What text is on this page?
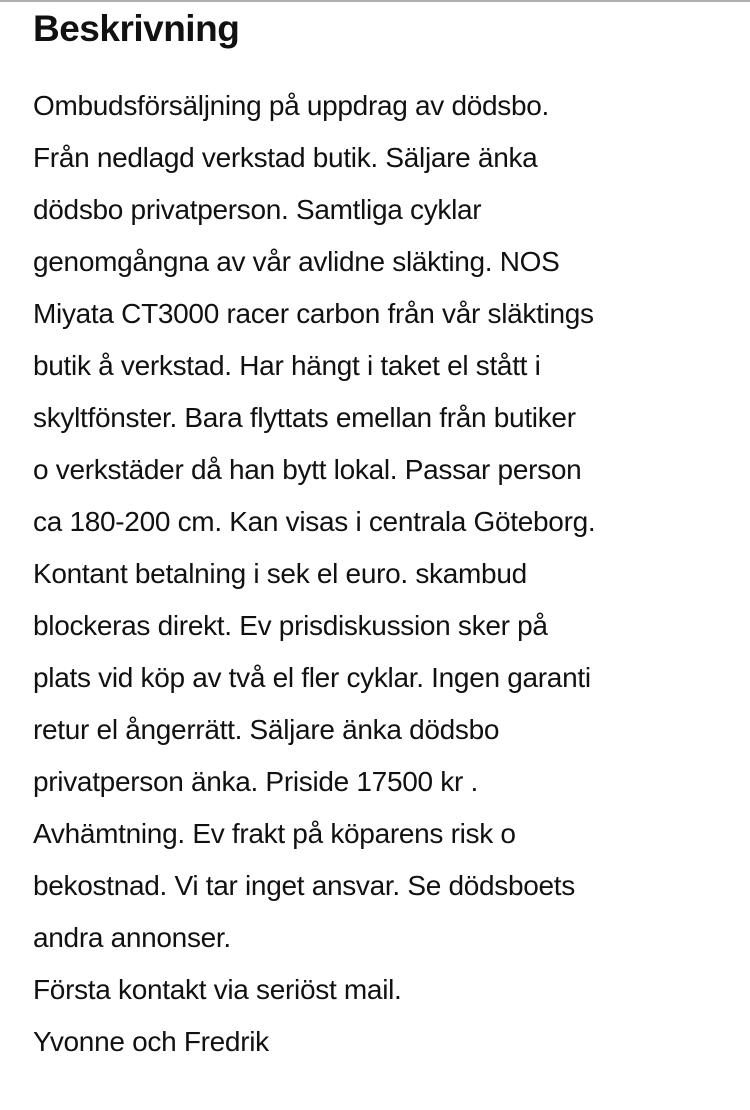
Beskrivning
Ombudsförsäljning på uppdrag av dödsbo.
Från nedlagd verkstad butik. Säljare änka
dödsbo privatperson. Samtliga cyklar
genomgångna av vår avlidne släkting. NOS
Miyata CT3000 racer carbon från vår släktings
butik å verkstad. Har hängt i taket el stått i
skyltfönster. Bara flyttats emellan från butiker
o verkstäder då han bytt lokal. Passar person
ca 180-200 cm. Kan visas i centrala Göteborg.
Kontant betalning i sek el euro. skambud
blockeras direkt. Ev prisdiskussion sker på
plats vid köp av två el fler cyklar. Ingen garanti
retur el ångerrätt. Säljare änka dödsbo
privatperson änka. Priside 17500 kr .
Avhämtning. Ev frakt på köparens risk o
bekostnad. Vi tar inget ansvar. Se dödsboets
andra annonser.
Första kontakt via seriöst mail.
Yvonne och Fredrik
